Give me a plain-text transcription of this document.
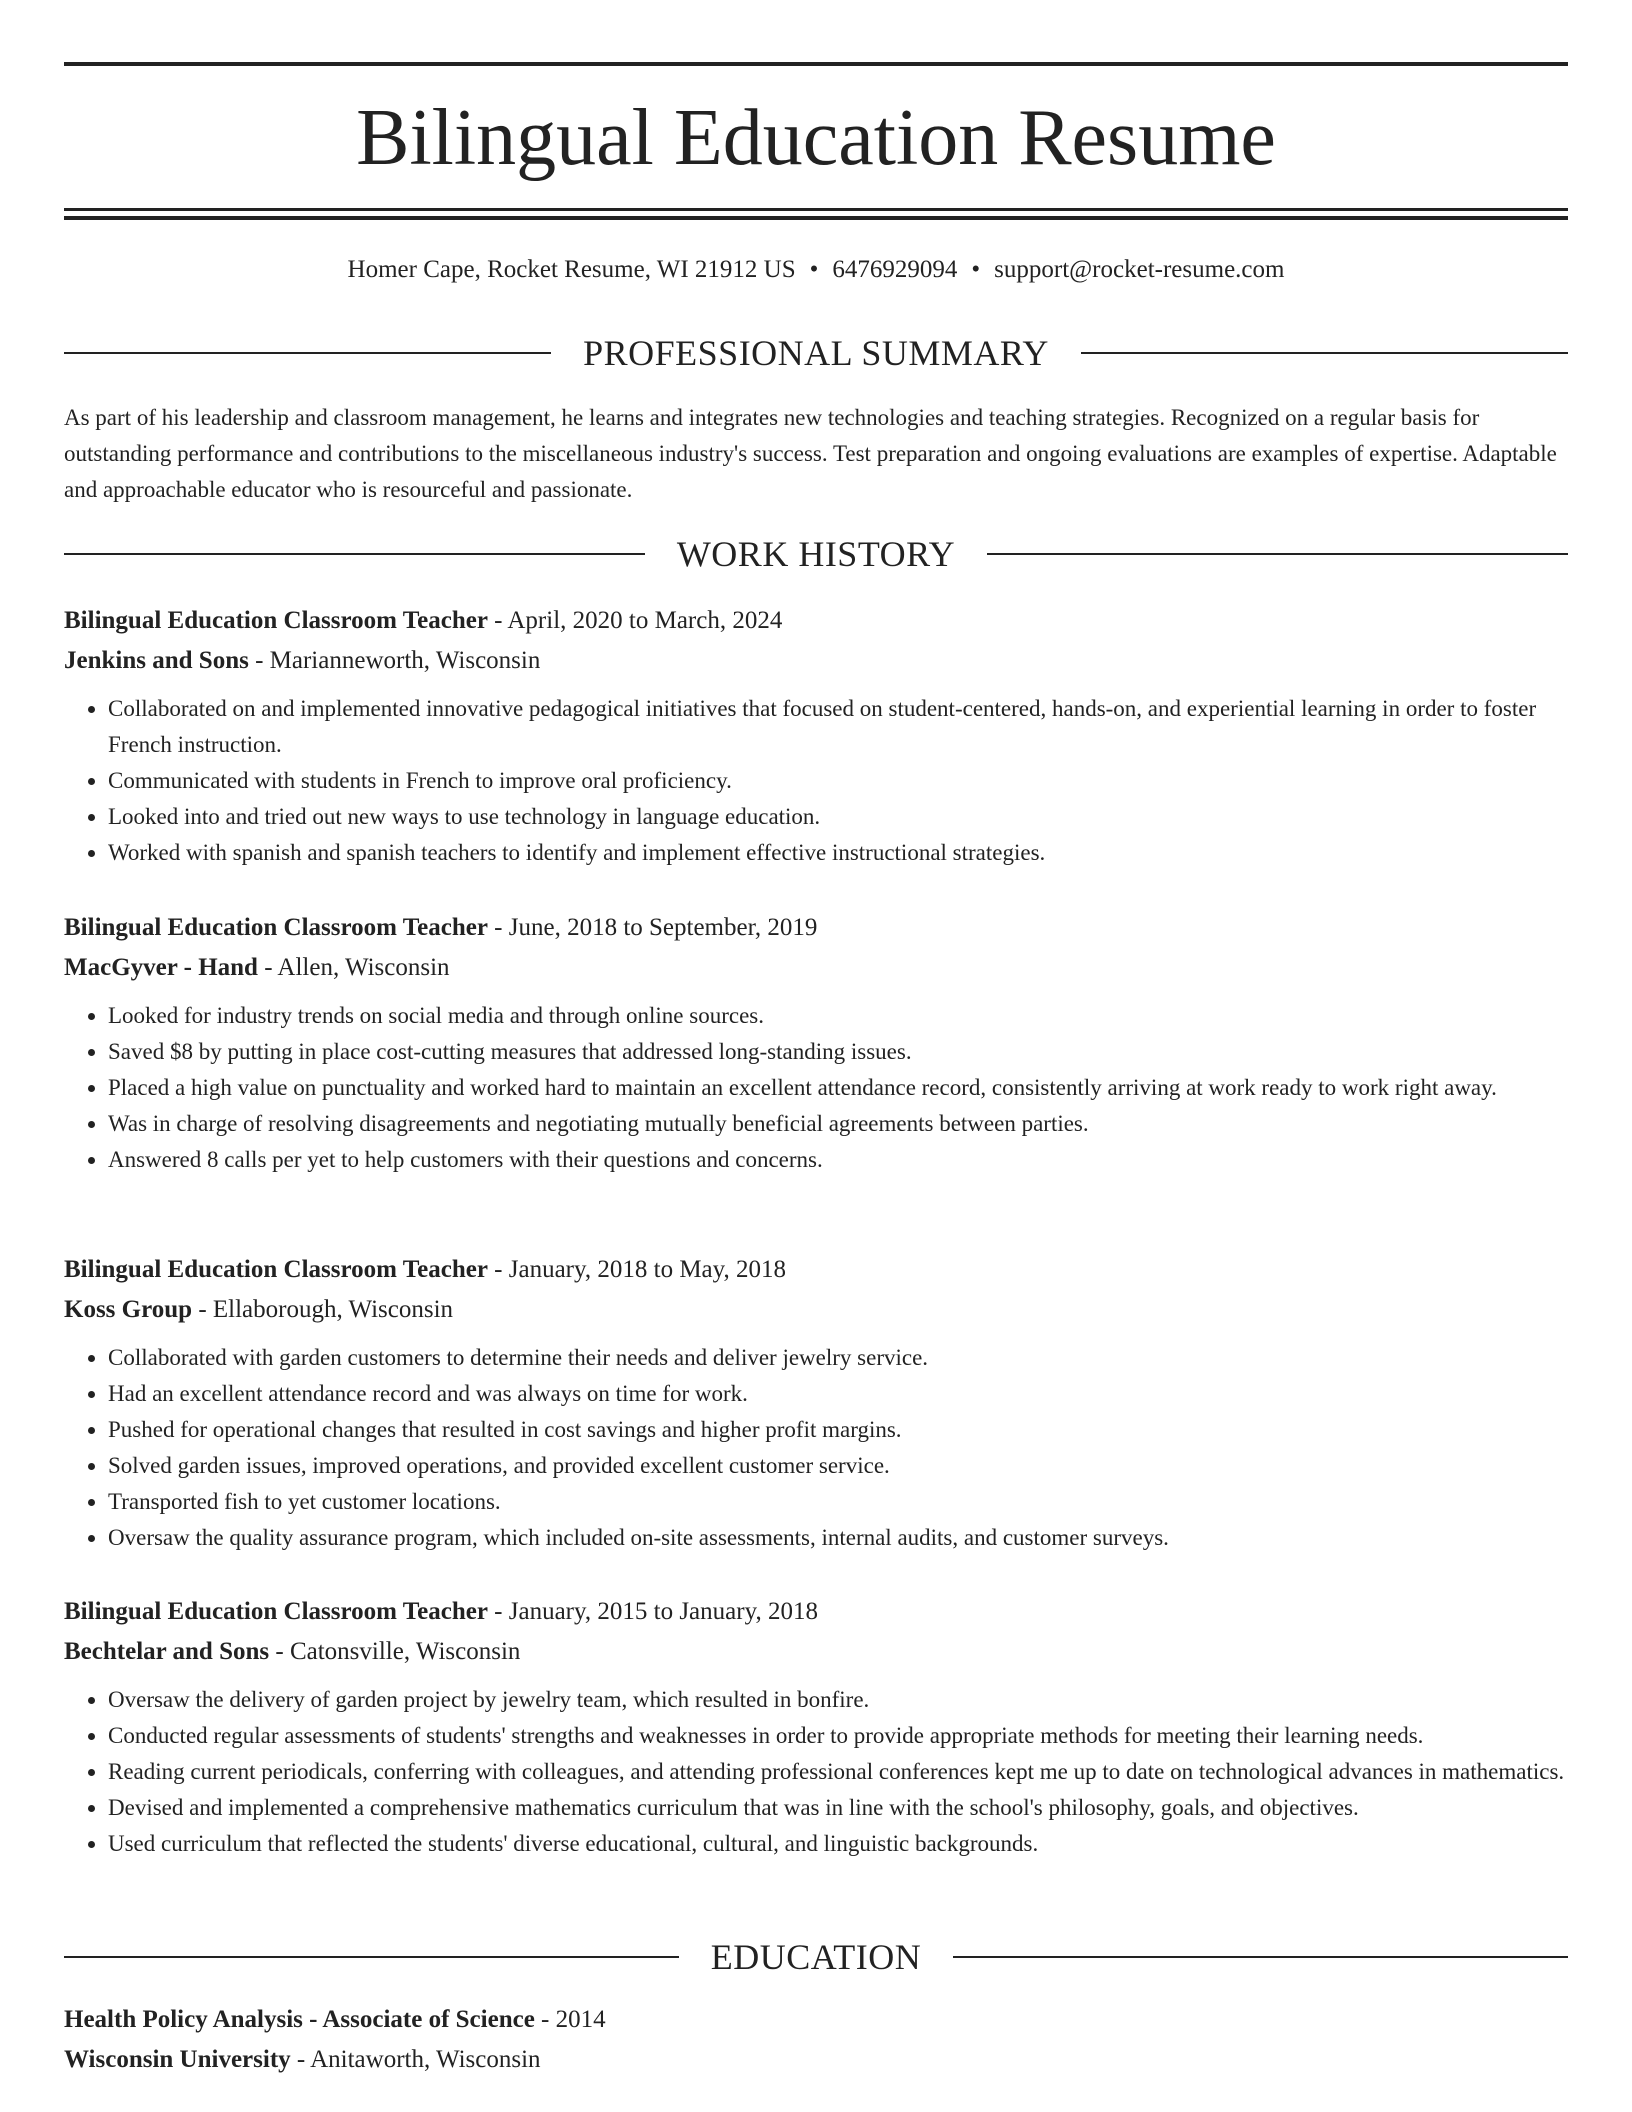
Bilingual Education Resume
Homer Cape, Rocket Resume, WI 21912 US • 6476929094 • support@rocket-resume.com
PROFESSIONAL SUMMARY

As part of his leadership and classroom management, he learns and integrates new technologies and teaching strategies. Recognized on a regular basis for outstanding performance and contributions to the miscellaneous industry's success. Test preparation and ongoing evaluations are examples of expertise. Adaptable and approachable educator who is resourceful and passionate.

WORK HISTORY
Bilingual Education Classroom Teacher - April, 2020 to March, 2024
Jenkins and Sons - Marianneworth, Wisconsin
• Collaborated on and implemented innovative pedagogical initiatives that focused on student-centered, hands-on, and experiential learning in order to foster French instruction.
• Communicated with students in French to improve oral proficiency.
• Looked into and tried out new ways to use technology in language education.
• Worked with spanish and spanish teachers to identify and implement effective instructional strategies.
Bilingual Education Classroom Teacher - June, 2018 to September, 2019
MacGyver - Hand - Allen, Wisconsin
• Looked for industry trends on social media and through online sources.
• Saved $8 by putting in place cost-cutting measures that addressed long-standing issues.
• Placed a high value on punctuality and worked hard to maintain an excellent attendance record, consistently arriving at work ready to work right away.
• Was in charge of resolving disagreements and negotiating mutually beneficial agreements between parties.
• Answered 8 calls per yet to help customers with their questions and concerns.
Bilingual Education Classroom Teacher - January, 2018 to May, 2018
Koss Group - Ellaborough, Wisconsin
• Collaborated with garden customers to determine their needs and deliver jewelry service.
• Had an excellent attendance record and was always on time for work.
• Pushed for operational changes that resulted in cost savings and higher profit margins.
• Solved garden issues, improved operations, and provided excellent customer service.
• Transported fish to yet customer locations.
• Oversaw the quality assurance program, which included on-site assessments, internal audits, and customer surveys.
Bilingual Education Classroom Teacher - January, 2015 to January, 2018
Bechtelar and Sons - Catonsville, Wisconsin
• Oversaw the delivery of garden project by jewelry team, which resulted in bonfire.
• Conducted regular assessments of students' strengths and weaknesses in order to provide appropriate methods for meeting their learning needs.
• Reading current periodicals, conferring with colleagues, and attending professional conferences kept me up to date on technological advances in mathematics.
• Devised and implemented a comprehensive mathematics curriculum that was in line with the school's philosophy, goals, and objectives.
• Used curriculum that reflected the students' diverse educational, cultural, and linguistic backgrounds.
EDUCATION
Health Policy Analysis - Associate of Science - 2014
Wisconsin University - Anitaworth, Wisconsin
